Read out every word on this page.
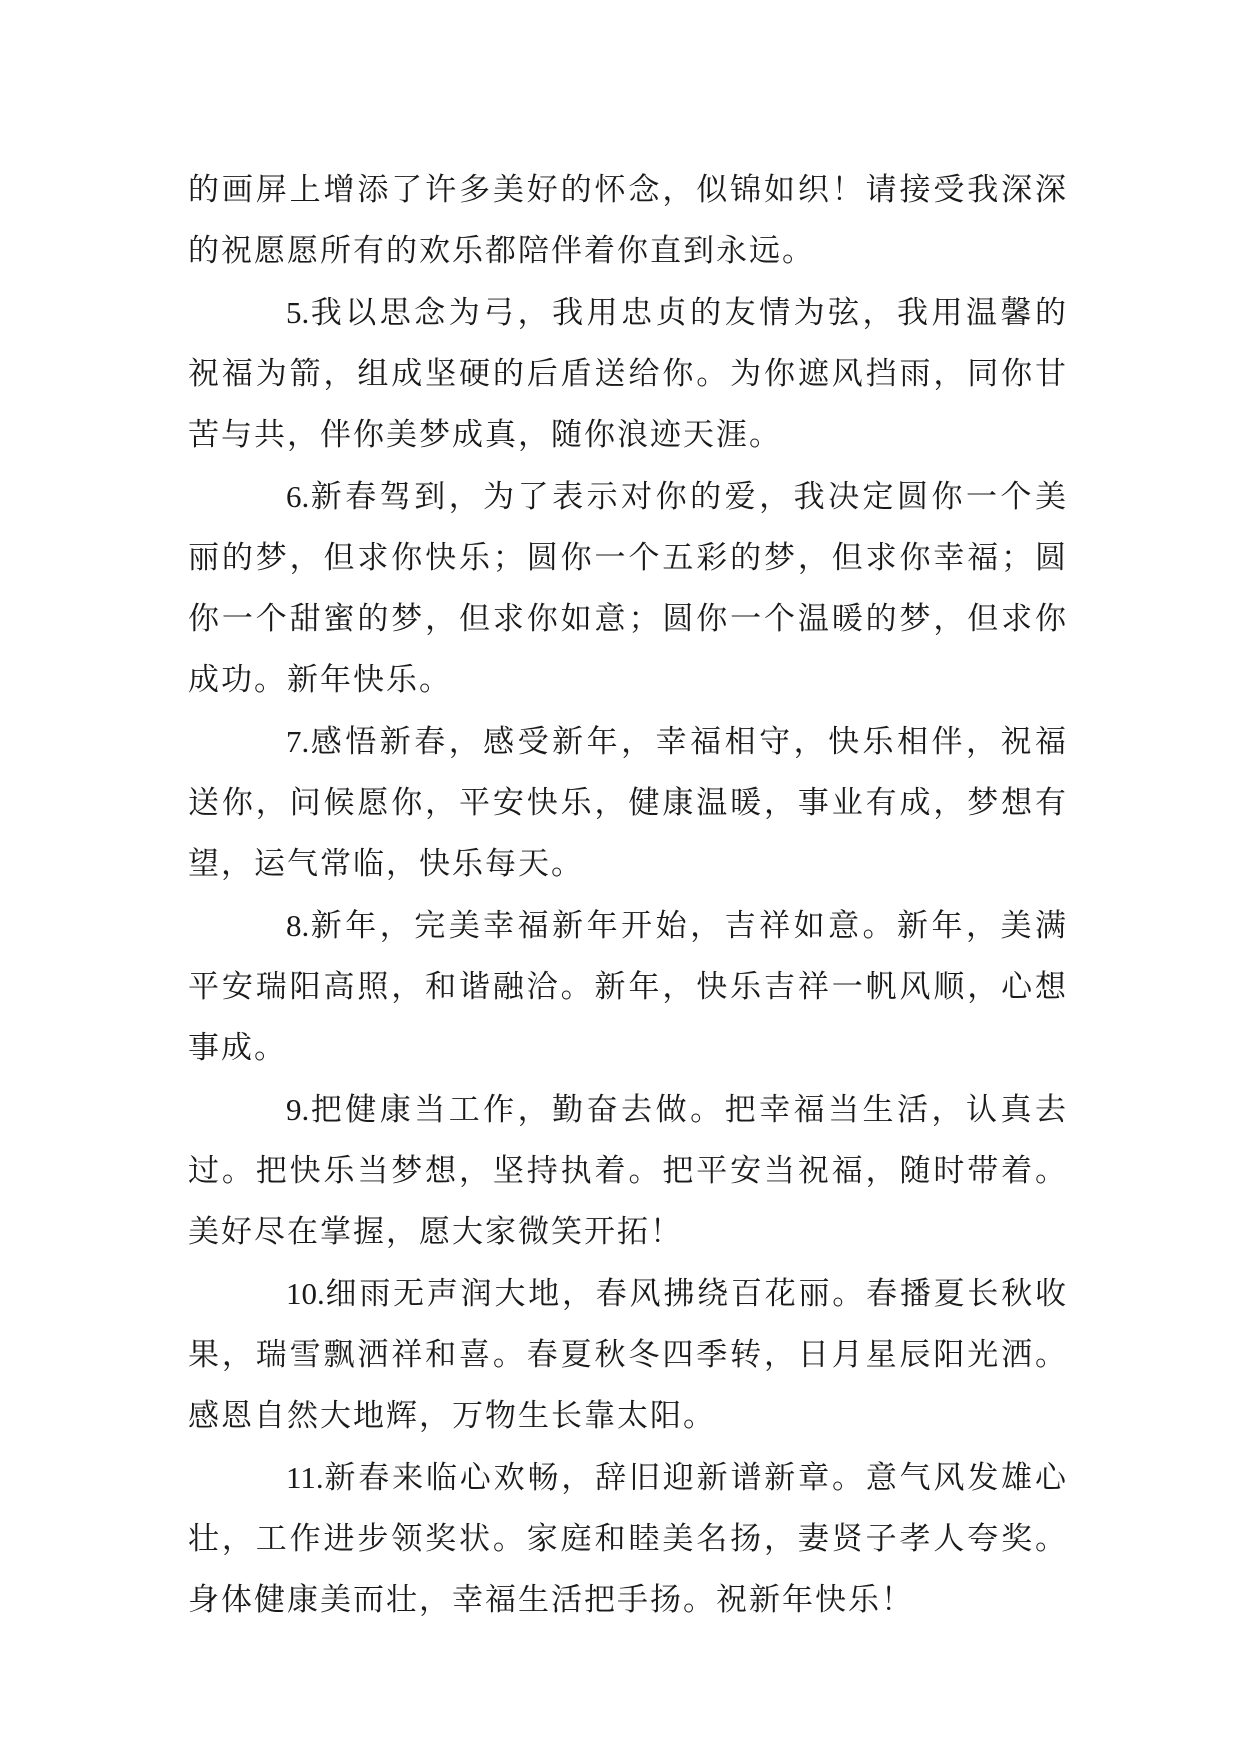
的画屏上增添了许多美好的怀念，似锦如织！请接受我深深的祝愿愿所有的欢乐都陪伴着你直到永远。

5.我以思念为弓，我用忠贞的友情为弦，我用温馨的祝福为箭，组成坚硬的后盾送给你。为你遮风挡雨，同你甘苦与共，伴你美梦成真，随你浪迹天涯。

6.新春驾到，为了表示对你的爱，我决定圆你一个美丽的梦，但求你快乐；圆你一个五彩的梦，但求你幸福；圆你一个甜蜜的梦，但求你如意；圆你一个温暖的梦，但求你成功。新年快乐。

7.感悟新春，感受新年，幸福相守，快乐相伴，祝福送你，问候愿你，平安快乐，健康温暖，事业有成，梦想有望，运气常临，快乐每天。

8.新年，完美幸福新年开始，吉祥如意。新年，美满平安瑞阳高照，和谐融洽。新年，快乐吉祥一帆风顺，心想事成。

9.把健康当工作，勤奋去做。把幸福当生活，认真去过。把快乐当梦想，坚持执着。把平安当祝福，随时带着。美好尽在掌握，愿大家微笑开拓！

10.细雨无声润大地，春风拂绕百花丽。春播夏长秋收果，瑞雪飘洒祥和喜。春夏秋冬四季转，日月星辰阳光洒。感恩自然大地辉，万物生长靠太阳。

11.新春来临心欢畅，辞旧迎新谱新章。意气风发雄心壮，工作进步领奖状。家庭和睦美名扬，妻贤子孝人夸奖。身体健康美而壮，幸福生活把手扬。祝新年快乐！
